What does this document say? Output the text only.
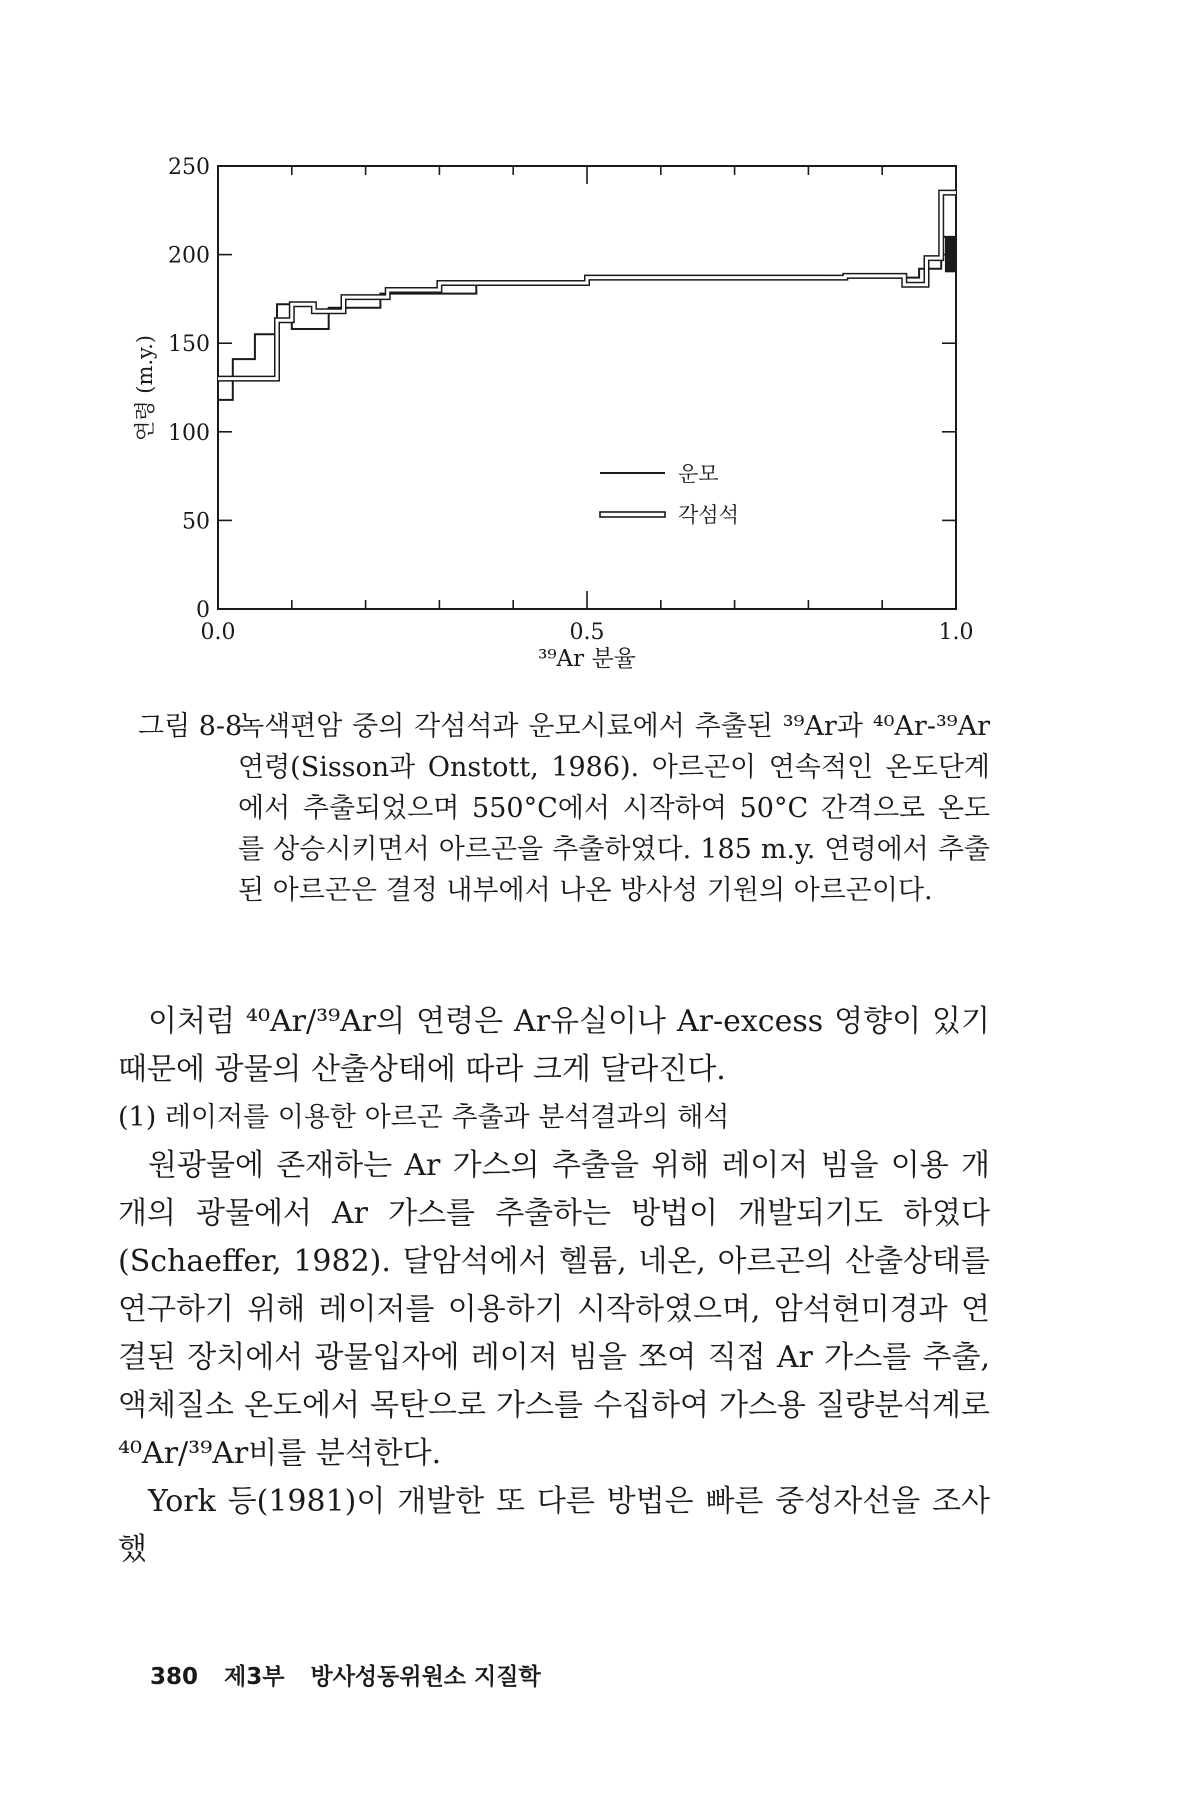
0.0	0.5	1.0
0
50
100
150
200
250
³⁹Ar 분율
연령 (m.y.)
운모
각섬석
그림 8-8
녹색편암 중의 각섬석과 운모시료에서 추출된 ³⁹Ar과 ⁴⁰Ar-³⁹Ar 연령(Sisson과 Onstott, 1986). 아르곤이 연속적인 온도단계에서 추출되었으며 550°C에서 시작하여 50°C 간격으로 온도를 상승시키면서 아르곤을 추출하였다. 185 m.y. 연령에서 추출된 아르곤은 결정 내부에서 나온 방사성 기원의 아르곤이다.

이처럼 ⁴⁰Ar/³⁹Ar의 연령은 Ar유실이나 Ar-excess 영향이 있기 때문에 광물의 산출상태에 따라 크게 달라진다.

(1) 레이저를 이용한 아르곤 추출과 분석결과의 해석

원광물에 존재하는 Ar 가스의 추출을 위해 레이저 빔을 이용 개개의 광물에서 Ar 가스를 추출하는 방법이 개발되기도 하였다(Schaeffer, 1982). 달암석에서 헬륨, 네온, 아르곤의 산출상태를 연구하기 위해 레이저를 이용하기 시작하였으며, 암석현미경과 연결된 장치에서 광물입자에 레이저 빔을 쪼여 직접 Ar 가스를 추출, 액체질소 온도에서 목탄으로 가스를 수집하여 가스용 질량분석계로 ⁴⁰Ar/³⁹Ar비를 분석한다.

York 등(1981)이 개발한 또 다른 방법은 빠른 중성자선을 조사했

380 제3부 방사성동위원소 지질학
